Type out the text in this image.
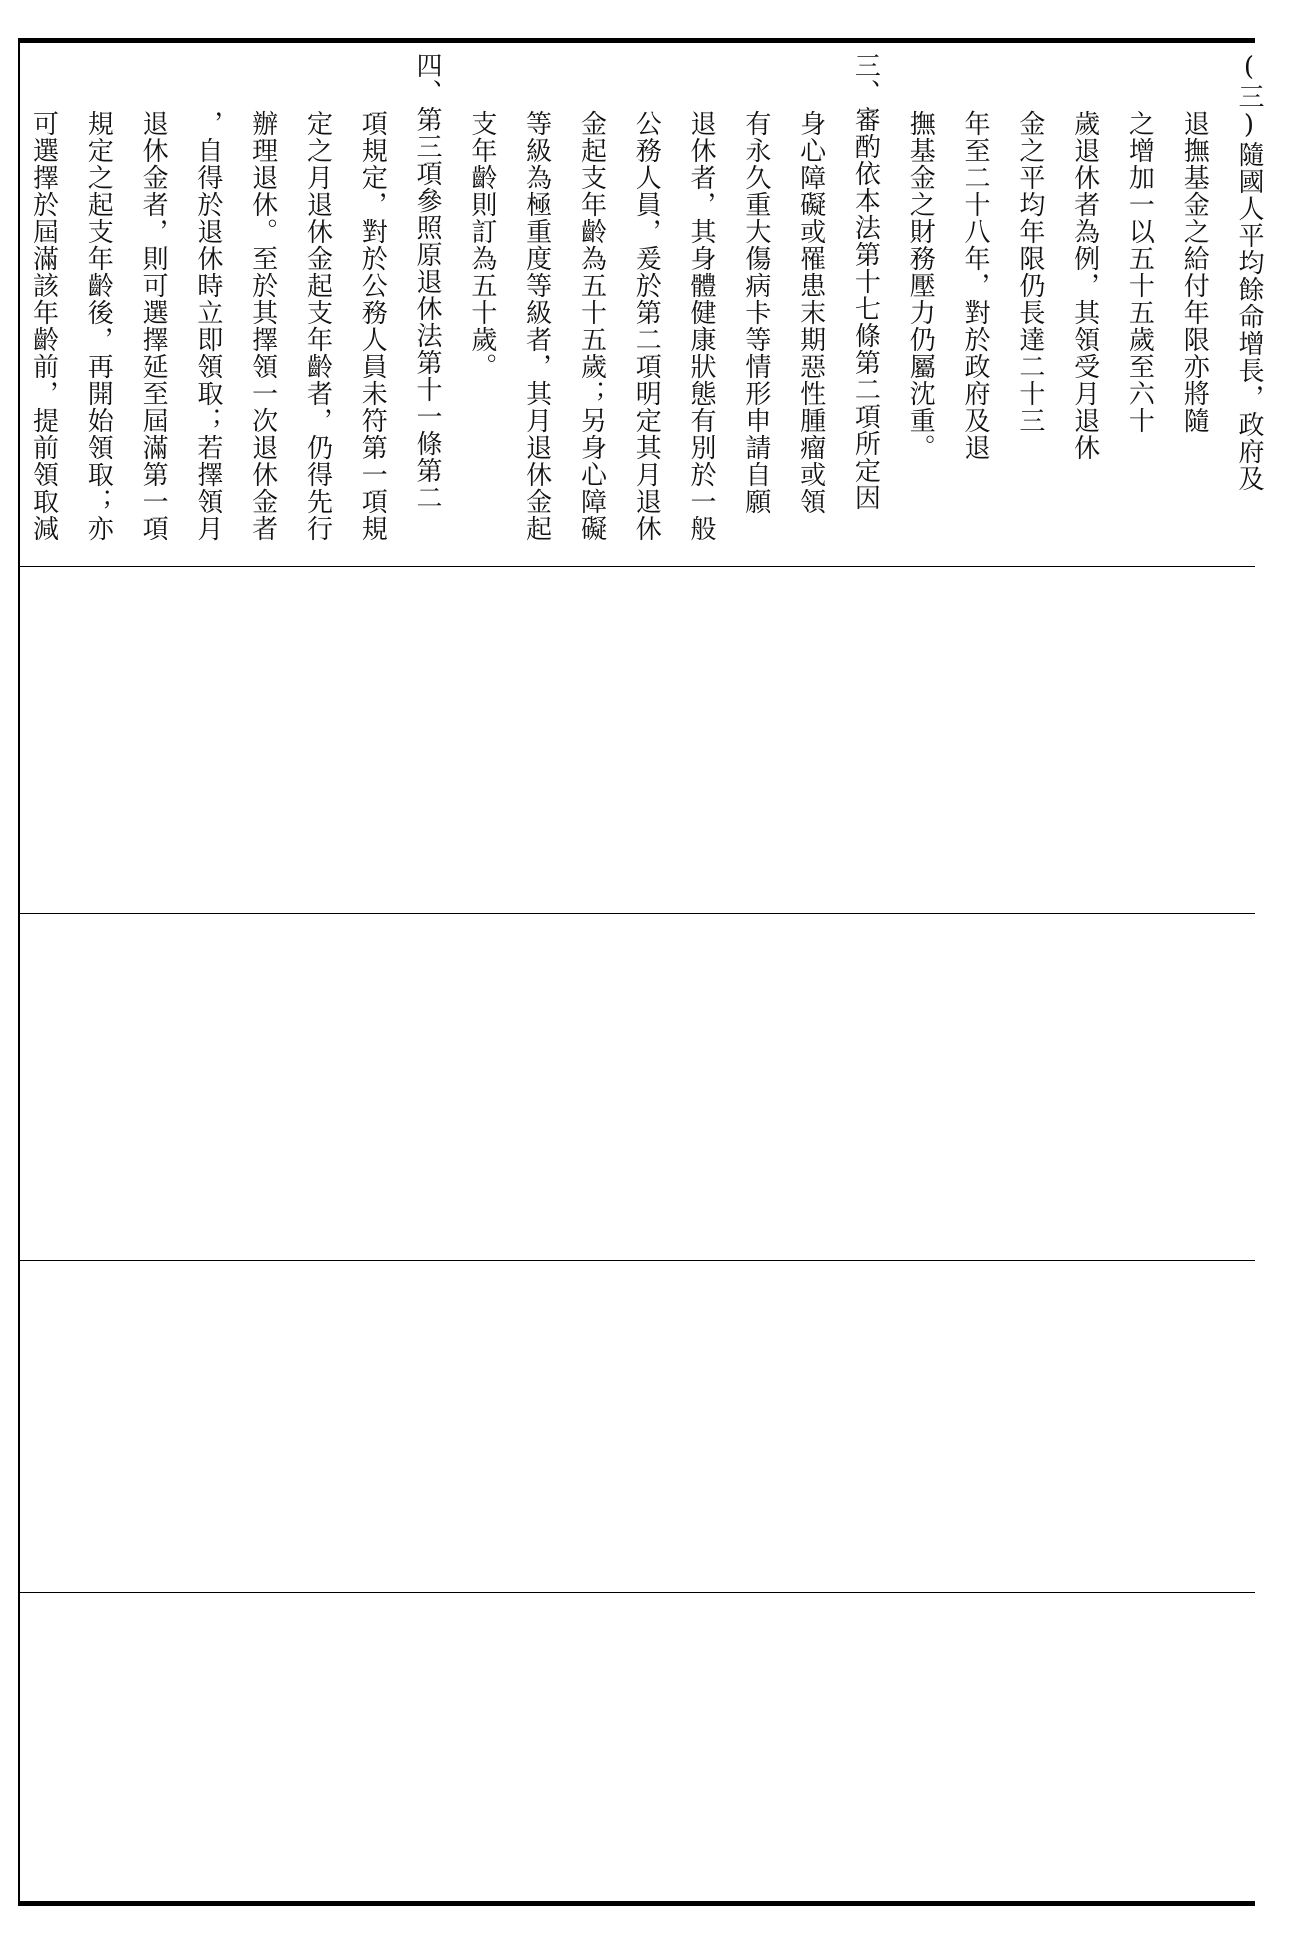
可選擇於屆滿該年齡前，提前領取減 規定之起支年齡後，再開始領取；亦 退休金者，則可選擇延至屆滿第一項 ，自得於退休時立即領取；若擇領月 辦理退休。至於其擇領一次退休金者 定之月退休金起支年齡者，仍得先行 項規定，對於公務人員未符第一項規 四、第三項參照原退休法第十一條第二 支年齡則訂為五十歲。 等級為極重度等級者，其月退休金起 金起支年齡為五十五歲；另身心障礙 公務人員，爰於第二項明定其月退休 退休者，其身體健康狀態有別於一般 有永久重大傷病卡等情形申請自願 身心障礙或罹患末期惡性腫瘤或領 三、審酌依本法第十七條第二項所定因 撫基金之財務壓力仍屬沈重。 年至二十八年，對於政府及退 金之平均年限仍長達二十三 歲退休者為例，其領受月退休 之增加一以五十五歲至六十 退撫基金之給付年限亦將隨 (三)隨國人平均餘命增長，政府及
